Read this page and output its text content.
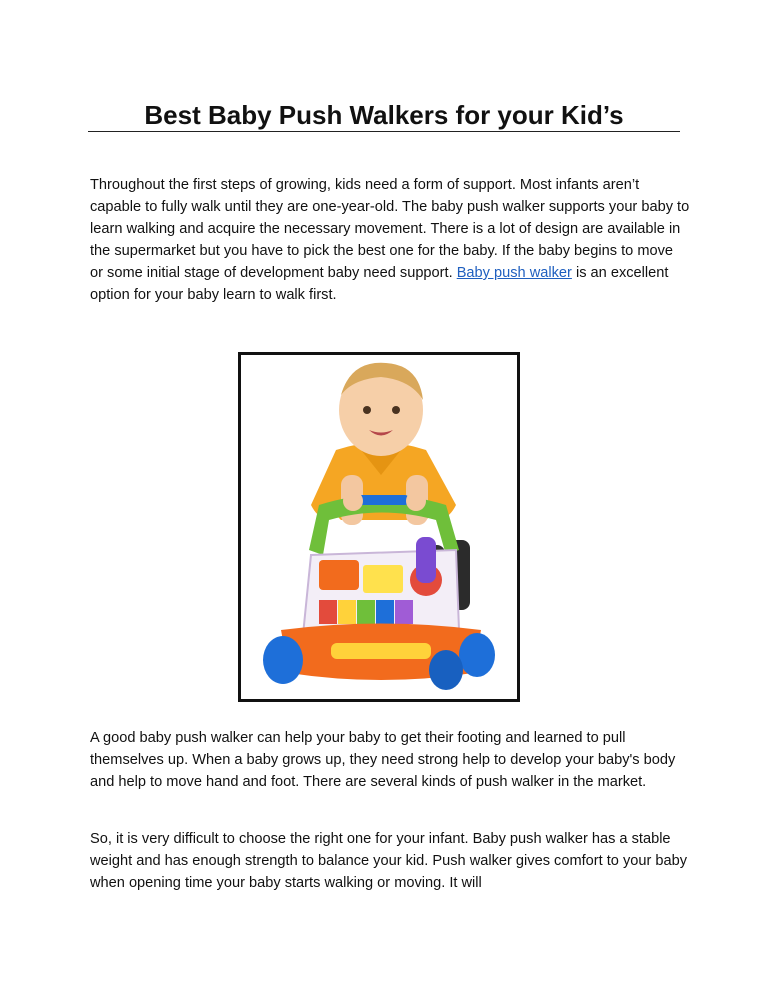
Best Baby Push Walkers for your Kid’s

Throughout the first steps of growing, kids need a form of support. Most infants aren’t capable to fully walk until they are one-year-old. The baby push walker supports your baby to learn walking and acquire the necessary movement. There is a lot of design are available in the supermarket but you have to pick the best one for the baby. If the baby begins to move or some initial stage of development baby need support. Baby push walker is an excellent option for your baby learn to walk first.

A good baby push walker can help your baby to get their footing and learned to pull themselves up. When a baby grows up, they need strong help to develop your baby's body and help to move hand and foot. There are several kinds of push walker in the market.

So, it is very difficult to choose the right one for your infant. Baby push walker has a stable weight and has enough strength to balance your kid. Push walker gives comfort to your baby when opening time your baby starts walking or moving. It will
